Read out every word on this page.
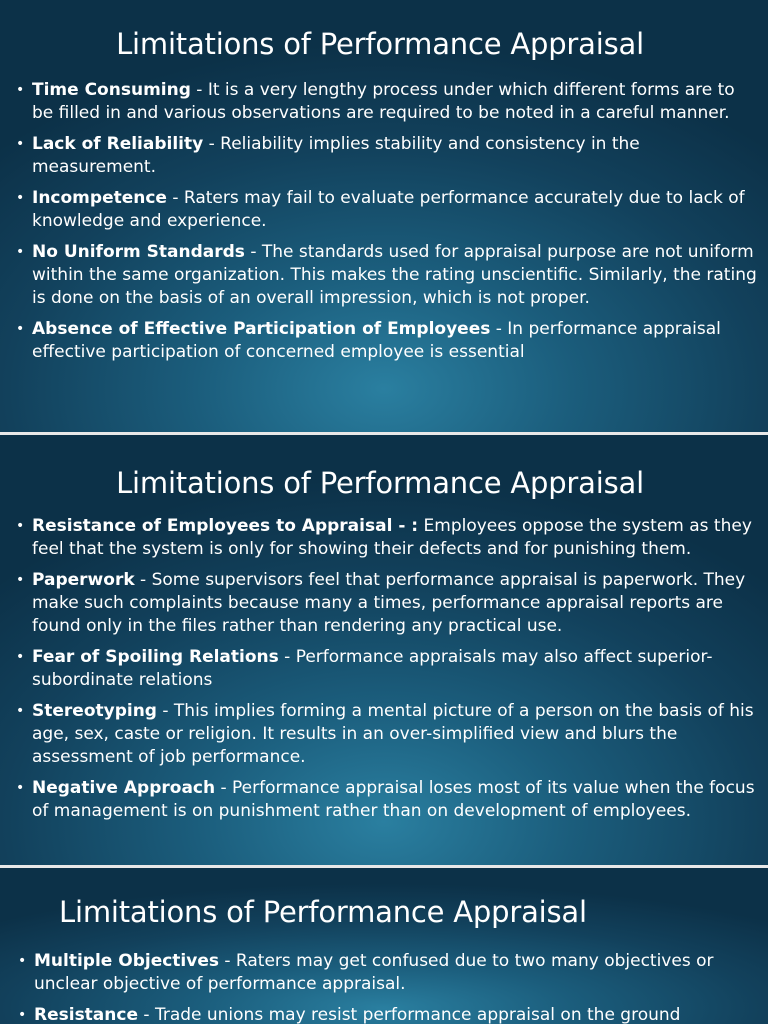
Limitations of Performance Appraisal
• Time Consuming - It is a very lengthy process under which different forms are to be filled in and various observations are required to be noted in a careful manner.
• Lack of Reliability - Reliability implies stability and consistency in the measurement.
• Incompetence - Raters may fail to evaluate performance accurately due to lack of knowledge and experience.
• No Uniform Standards - The standards used for appraisal purpose are not uniform within the same organization. This makes the rating unscientific. Similarly, the rating is done on the basis of an overall impression, which is not proper.
• Absence of Effective Participation of Employees - In performance appraisal effective participation of concerned employee is essential
Limitations of Performance Appraisal
• Resistance of Employees to Appraisal - : Employees oppose the system as they feel that the system is only for showing their defects and for punishing them.
• Paperwork - Some supervisors feel that performance appraisal is paperwork. They make such complaints because many a times, performance appraisal reports are found only in the files rather than rendering any practical use.
• Fear of Spoiling Relations - Performance appraisals may also affect superior-subordinate relations
• Stereotyping - This implies forming a mental picture of a person on the basis of his age, sex, caste or religion. It results in an over-simplified view and blurs the assessment of job performance.
• Negative Approach - Performance appraisal loses most of its value when the focus of management is on punishment rather than on development of employees.
Limitations of Performance Appraisal
• Multiple Objectives - Raters may get confused due to two many objectives or unclear objective of performance appraisal.
• Resistance - Trade unions may resist performance appraisal on the ground
